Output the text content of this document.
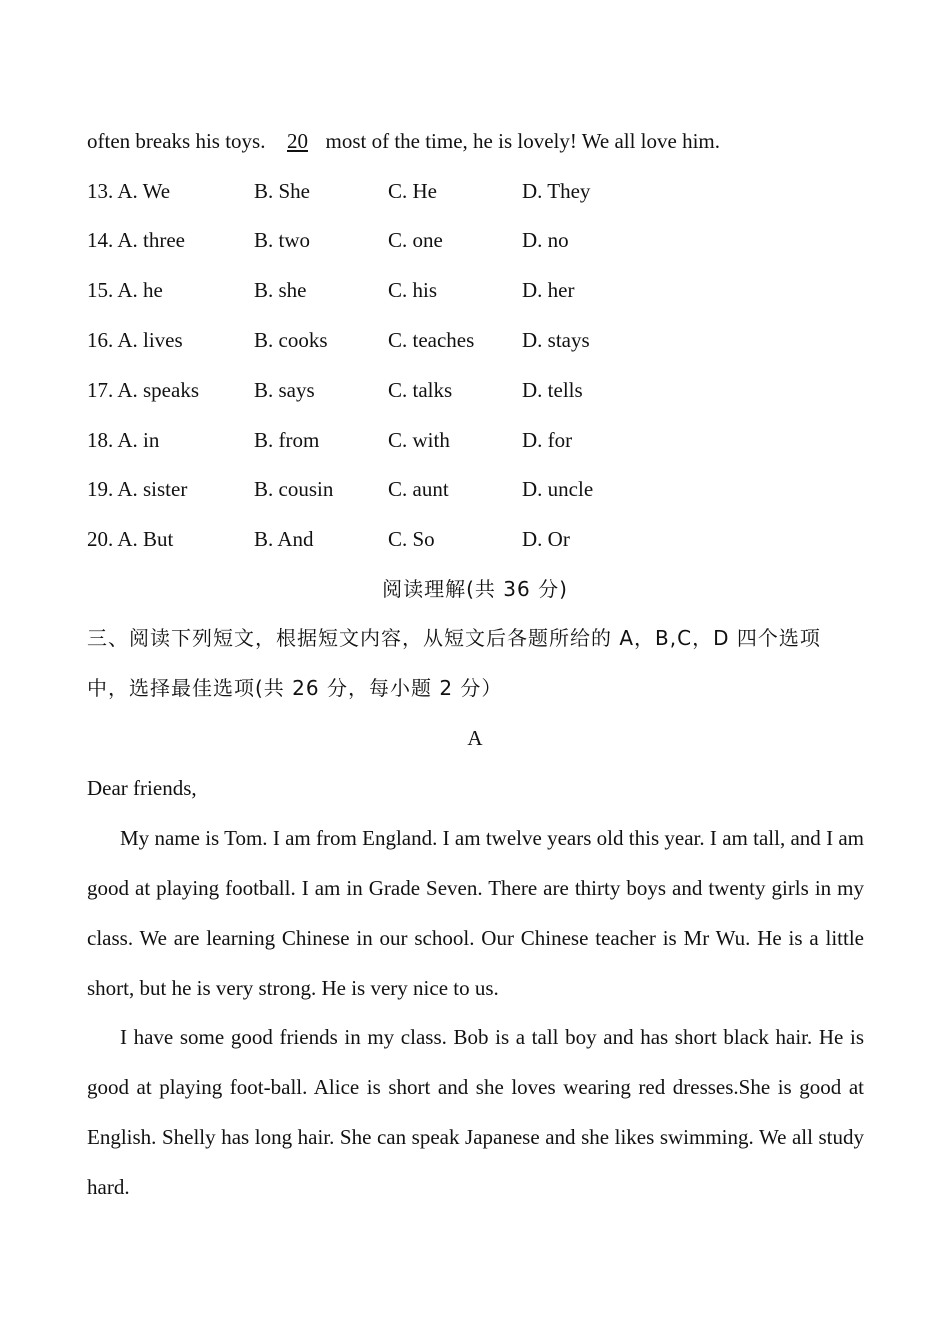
often breaks his toys. 20 most of the time, he is lovely! We all love him.
13. A. We	B. She	C. He	D. They
14. A. three	B. two	C. one	D. no
15. A. he	B. she	C. his	D. her
16. A. lives	B. cooks	C. teaches D. stays
17. A. speaks	B. says	C. talks	D. tells
18. A. in	B. from	C. with	D. for
19. A. sister	B. cousin	C. aunt	D. uncle
20. A. But	B. And	C. So	D. Or
阅读理解(共 36 分)
三、阅读下列短文，根据短文内容，从短文后各题所给的 A，B,C，D 四个选项
中，选择最佳选项(共 26 分，每小题 2 分）
A
Dear friends,
My name is Tom. I am from England. I am twelve years old this year. I am tall, and I am good at playing football. I am in Grade Seven. There are thirty boys and twenty girls in my class. We are learning Chinese in our school. Our Chinese teacher is Mr Wu. He is a little short, but he is very strong. He is very nice to us.
I have some good friends in my class. Bob is a tall boy and has short black hair. He is good at playing foot-ball. Alice is short and she loves wearing red dresses.She is good at English. Shelly has long hair. She can speak Japanese and she likes swimming. We all study hard.
